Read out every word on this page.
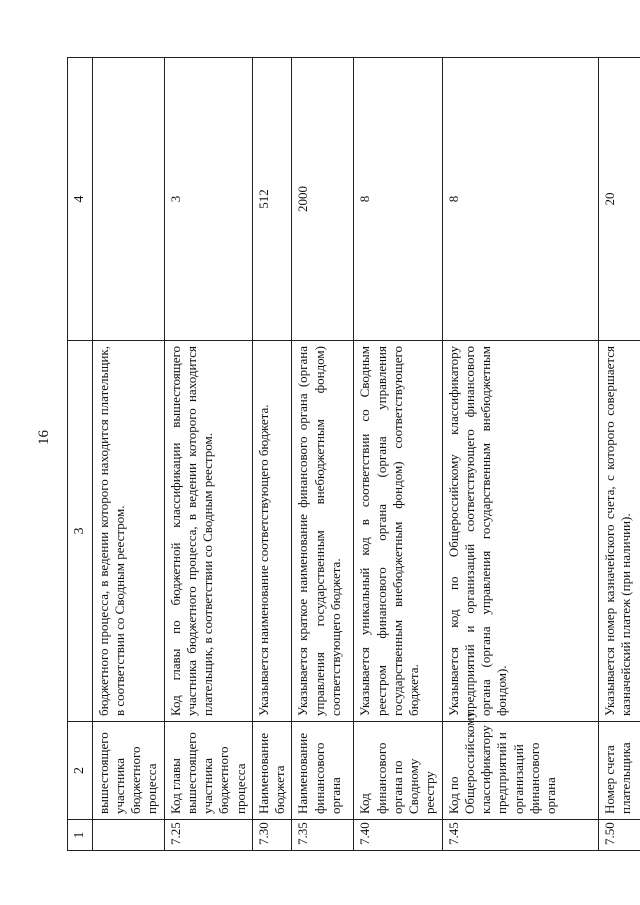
16
1	2	3	4
	вышестоящего участника бюджетного процесса	бюджетного процесса, в ведении которого находится плательщик, в соответствии со Сводным реестром.	
7.25	Код главы вышестоящего участника бюджетного процесса	Код главы по бюджетной классификации вышестоящего участника бюджетного процесса, в ведении которого находится плательщик, в соответствии со Сводным реестром.	3
7.30	Наименование бюджета	Указывается наименование соответствующего бюджета.	512
7.35	Наименование финансового органа	Указывается краткое наименование финансового органа (органа управления государственным внебюджетным фондом) соответствующего бюджета.	2000
7.40	Код финансового органа по Сводному реестру	Указывается уникальный код в соответствии со Сводным реестром финансового органа (органа управления государственным внебюджетным фондом) соответствующего бюджета.	8
7.45	Код по Общероссийскому классификатору предприятий и организаций финансового органа	Указывается код по Общероссийскому классификатору предприятий и организаций соответствующего финансового органа (органа управления государственным внебюджетным фондом).	8
7.50	Номер счета плательщика	Указывается номер казначейского счета, с которого совершается казначейский платеж (при наличии).	20
